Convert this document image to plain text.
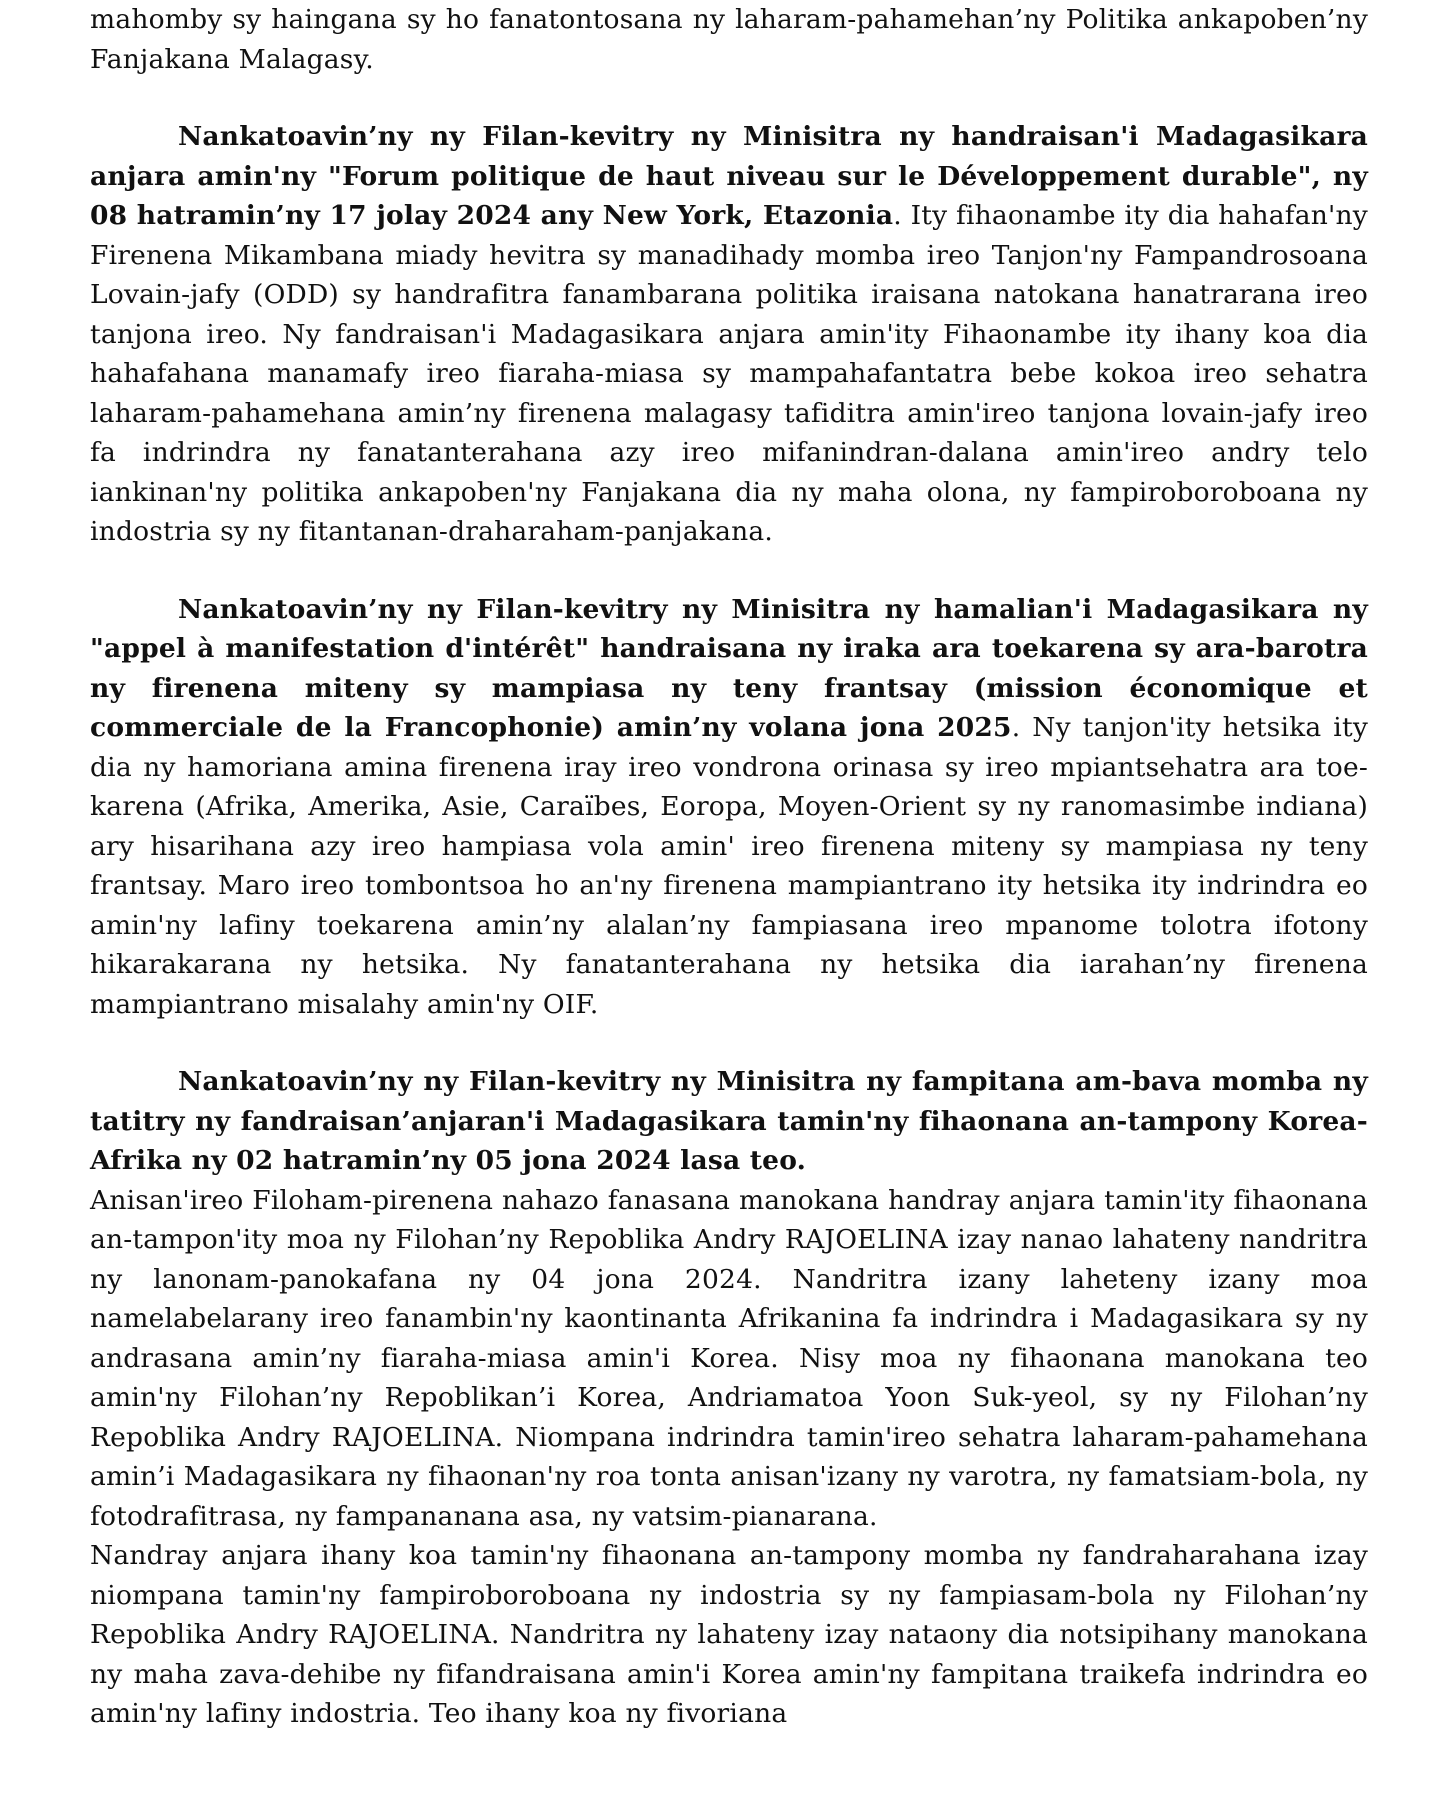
mahomby sy haingana sy ho fanatontosana ny laharam-pahamehan’ny Politika ankapoben’ny Fanjakana Malagasy.

Nankatoavin’ny ny Filan-kevitry ny Minisitra ny handraisan'i Madagasikara anjara amin'ny "Forum politique de haut niveau sur le Développement durable", ny 08 hatramin’ny 17 jolay 2024 any New York, Etazonia. Ity fihaonambe ity dia hahafan'ny Firenena Mikambana miady hevitra sy manadihady momba ireo Tanjon'ny Fampandrosoana Lovain-jafy (ODD) sy handrafitra fanambarana politika iraisana natokana hanatrarana ireo tanjona ireo. Ny fandraisan'i Madagasikara anjara amin'ity Fihaonambe ity ihany koa dia hahafahana manamafy ireo fiaraha-miasa sy mampahafantatra bebe kokoa ireo sehatra laharam-pahamehana amin’ny firenena malagasy tafiditra amin'ireo tanjona lovain-jafy ireo fa indrindra ny fanatanterahana azy ireo mifanindran-dalana amin'ireo andry telo iankinan'ny politika ankapoben'ny Fanjakana dia ny maha olona, ny fampiroboroboana ny indostria sy ny fitantanan-draharaham-panjakana.

Nankatoavin’ny ny Filan-kevitry ny Minisitra ny hamalian'i Madagasikara ny "appel à manifestation d'intérêt" handraisana ny iraka ara toekarena sy ara-barotra ny firenena miteny sy mampiasa ny teny frantsay (mission économique et commerciale de la Francophonie) amin’ny volana jona 2025. Ny tanjon'ity hetsika ity dia ny hamoriana amina firenena iray ireo vondrona orinasa sy ireo mpiantsehatra ara toe-karena (Afrika, Amerika, Asie, Caraïbes, Eoropa, Moyen-Orient sy ny ranomasimbe indiana) ary hisarihana azy ireo hampiasa vola amin' ireo firenena miteny sy mampiasa ny teny frantsay. Maro ireo tombontsoa ho an'ny firenena mampiantrano ity hetsika ity indrindra eo amin'ny lafiny toekarena amin’ny alalan’ny fampiasana ireo mpanome tolotra ifotony hikarakarana ny hetsika. Ny fanatanterahana ny hetsika dia iarahan’ny firenena mampiantrano misalahy amin'ny OIF.

Nankatoavin’ny ny Filan-kevitry ny Minisitra ny fampitana am-bava momba ny tatitry ny fandraisan’anjaran'i Madagasikara tamin'ny fihaonana an-tampony Korea-Afrika ny 02 hatramin’ny 05 jona 2024 lasa teo.

Anisan'ireo Filoham-pirenena nahazo fanasana manokana handray anjara tamin'ity fihaonana an-tampon'ity moa ny Filohan’ny Repoblika Andry RAJOELINA izay nanao lahateny nandritra ny lanonam-panokafana ny 04 jona 2024. Nandritra izany laheteny izany moa namelabelarany ireo fanambin'ny kaontinanta Afrikanina fa indrindra i Madagasikara sy ny andrasana amin’ny fiaraha-miasa amin'i Korea. Nisy moa ny fihaonana manokana teo amin'ny Filohan’ny Repoblikan’i Korea, Andriamatoa Yoon Suk-yeol, sy ny Filohan’ny Repoblika Andry RAJOELINA. Niompana indrindra tamin'ireo sehatra laharam-pahamehana amin’i Madagasikara ny fihaonan'ny roa tonta anisan'izany ny varotra, ny famatsiam-bola, ny fotodrafitrasa, ny fampananana asa, ny vatsim-pianarana.

Nandray anjara ihany koa tamin'ny fihaonana an-tampony momba ny fandraharahana izay niompana tamin'ny fampiroboroboana ny indostria sy ny fampiasam-bola ny Filohan’ny Repoblika Andry RAJOELINA. Nandritra ny lahateny izay nataony dia notsipihany manokana ny maha zava-dehibe ny fifandraisana amin'i Korea amin'ny fampitana traikefa indrindra eo amin'ny lafiny indostria. Teo ihany koa ny fivoriana
